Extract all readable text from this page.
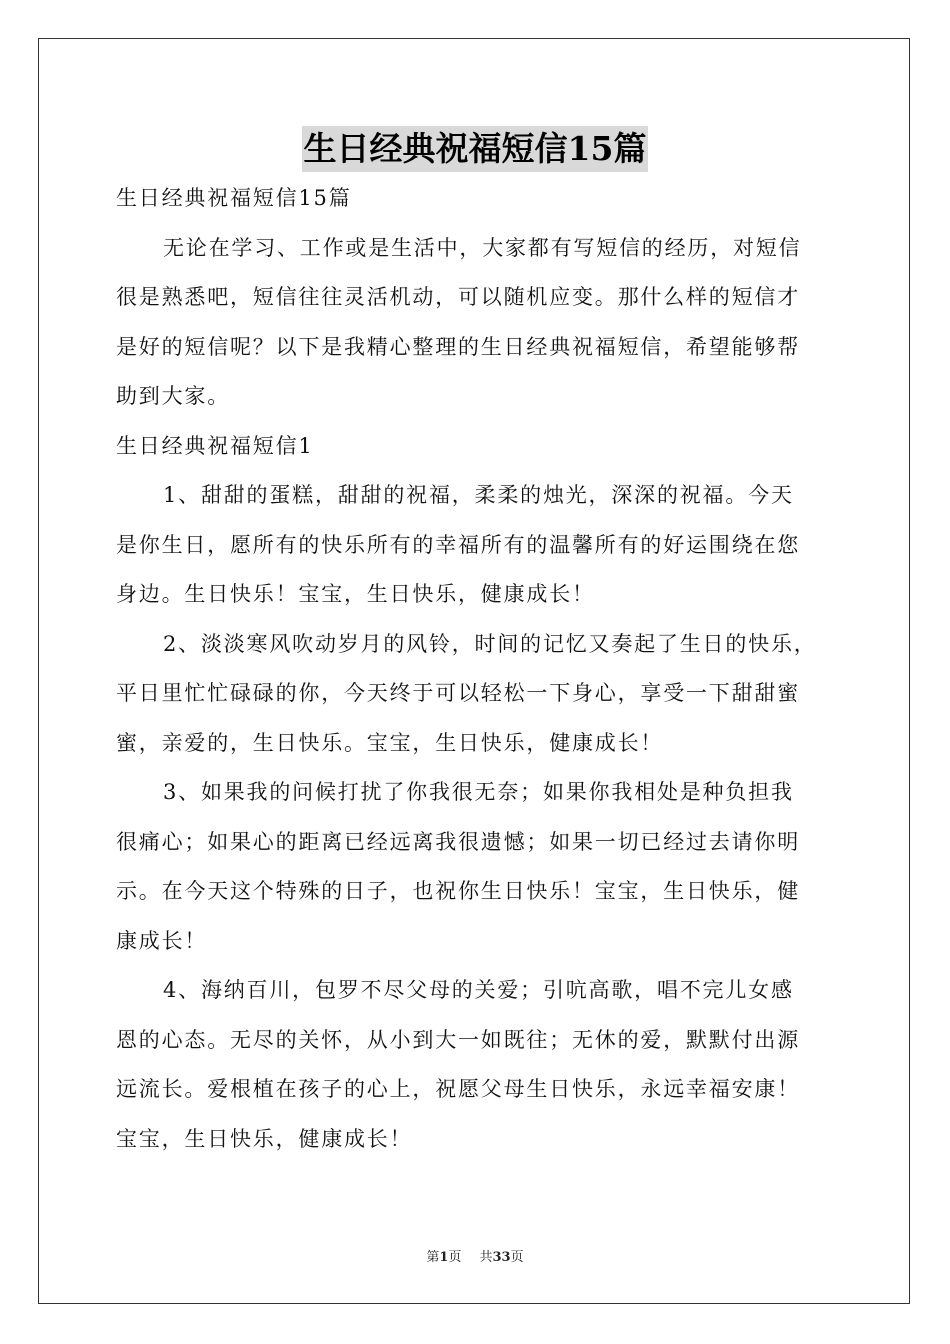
生日经典祝福短信15篇
生日经典祝福短信15篇
无论在学习、工作或是生活中，大家都有写短信的经历，对短信
很是熟悉吧，短信往往灵活机动，可以随机应变。那什么样的短信才
是好的短信呢？以下是我精心整理的生日经典祝福短信，希望能够帮
助到大家。
生日经典祝福短信1
1、甜甜的蛋糕，甜甜的祝福，柔柔的烛光，深深的祝福。今天
是你生日，愿所有的快乐所有的幸福所有的温馨所有的好运围绕在您
身边。生日快乐！宝宝，生日快乐，健康成长！
2、淡淡寒风吹动岁月的风铃，时间的记忆又奏起了生日的快乐，
平日里忙忙碌碌的你，今天终于可以轻松一下身心，享受一下甜甜蜜
蜜，亲爱的，生日快乐。宝宝，生日快乐，健康成长！
3、如果我的问候打扰了你我很无奈；如果你我相处是种负担我
很痛心；如果心的距离已经远离我很遗憾；如果一切已经过去请你明
示。在今天这个特殊的日子，也祝你生日快乐！宝宝，生日快乐，健
康成长！
4、海纳百川，包罗不尽父母的关爱；引吭高歌，唱不完儿女感
恩的心态。无尽的关怀，从小到大一如既往；无休的爱，默默付出源
远流长。爱根植在孩子的心上，祝愿父母生日快乐，永远幸福安康！
宝宝，生日快乐，健康成长！
第1页 共33页
